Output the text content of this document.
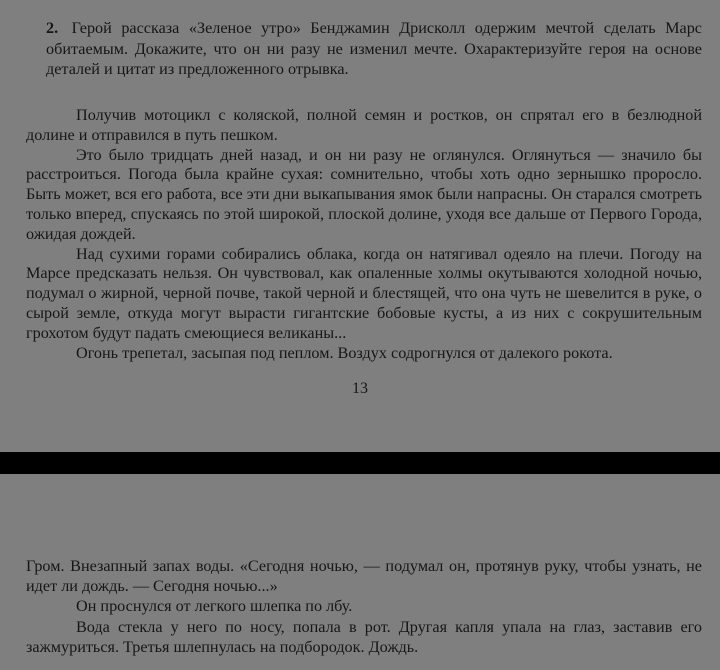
2. Герой рассказа «Зеленое утро» Бенджамин Дрисколл одержим мечтой сделать Марс обитаемым. Докажите, что он ни разу не изменил мечте. Охарактеризуйте героя на основе деталей и цитат из предложенного отрывка.

Получив мотоцикл с коляской, полной семян и ростков, он спрятал его в безлюдной долине и отправился в путь пешком.

Это было тридцать дней назад, и он ни разу не оглянулся. Оглянуться — значило бы расстроиться. Погода была крайне сухая: сомнительно, чтобы хоть одно зернышко проросло. Быть может, вся его работа, все эти дни выкапывания ямок были напрасны. Он старался смотреть только вперед, спускаясь по этой широкой, плоской долине, уходя все дальше от Первого Города, ожидая дождей.

Над сухими горами собирались облака, когда он натягивал одеяло на плечи. Погоду на Марсе предсказать нельзя. Он чувствовал, как опаленные холмы окутываются холодной ночью, подумал о жирной, черной почве, такой черной и блестящей, что она чуть не шевелится в руке, о сырой земле, откуда могут вырасти гигантские бобовые кусты, а из них с сокрушительным грохотом будут падать смеющиеся великаны...

Огонь трепетал, засыпая под пеплом. Воздух содрогнулся от далекого рокота.

13

Гром. Внезапный запах воды. «Сегодня ночью, — подумал он, протянув руку, чтобы узнать, не идет ли дождь. — Сегодня ночью...»

Он проснулся от легкого шлепка по лбу.

Вода стекла у него по носу, попала в рот. Другая капля упала на глаз, заставив его зажмуриться. Третья шлепнулась на подбородок. Дождь.
